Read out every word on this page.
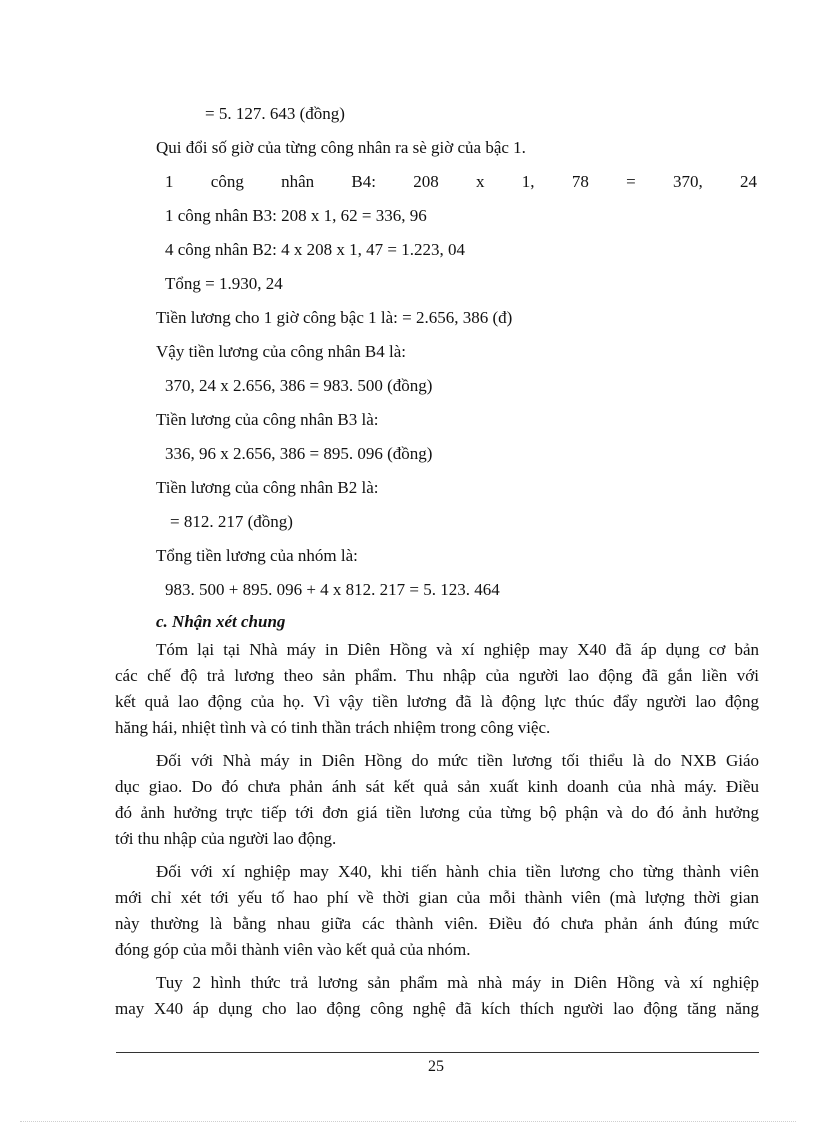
= 5. 127. 643 (đồng)
Qui đổi số giờ của từng công nhân ra sè giờ của bậc 1.
1 công nhân B4: 208 x 1, 78 = 370, 24
1 công nhân B3: 208 x 1, 62 = 336, 96
4 công nhân B2: 4 x 208 x 1, 47 = 1.223, 04
Tổng = 1.930, 24
Tiền lương cho 1 giờ công bậc 1 là: = 2.656, 386 (đ)
Vậy tiền lương của công nhân B4 là:
370, 24 x 2.656, 386 = 983. 500 (đồng)
Tiền lương của công nhân B3 là:
336, 96 x 2.656, 386 = 895. 096 (đồng)
Tiền lương của công nhân B2 là:
= 812. 217 (đồng)
Tổng tiền lương của nhóm là:
983. 500 + 895. 096 + 4 x 812. 217 = 5. 123. 464
c. Nhận xét chung
Tóm lại tại Nhà máy in Diên Hồng và xí nghiệp may X40 đã áp dụng cơ bản
các chế độ trả lương theo sản phẩm. Thu nhập của người lao động đã gắn liền với
kết quả lao động của họ. Vì vậy tiền lương đã là động lực thúc đẩy người lao động
hăng hái, nhiệt tình và có tinh thần trách nhiệm trong công việc.
Đối với Nhà máy in Diên Hồng do mức tiền lương tối thiểu là do NXB Giáo
dục giao. Do đó chưa phản ánh sát kết quả sản xuất kinh doanh của nhà máy. Điều
đó ảnh hưởng trực tiếp tới đơn giá tiền lương của từng bộ phận và do đó ảnh hưởng
tới thu nhập của người lao động.
Đối với xí nghiệp may X40, khi tiến hành chia tiền lương cho từng thành viên
mới chỉ xét tới yếu tố hao phí về thời gian của mỗi thành viên (mà lượng thời gian
này thường là bằng nhau giữa các thành viên. Điều đó chưa phản ánh đúng mức
đóng góp của mỗi thành viên vào kết quả của nhóm.
Tuy 2 hình thức trả lương sản phẩm mà nhà máy in Diên Hồng và xí nghiệp
may X40 áp dụng cho lao động công nghệ đã kích thích người lao động tăng năng
25
